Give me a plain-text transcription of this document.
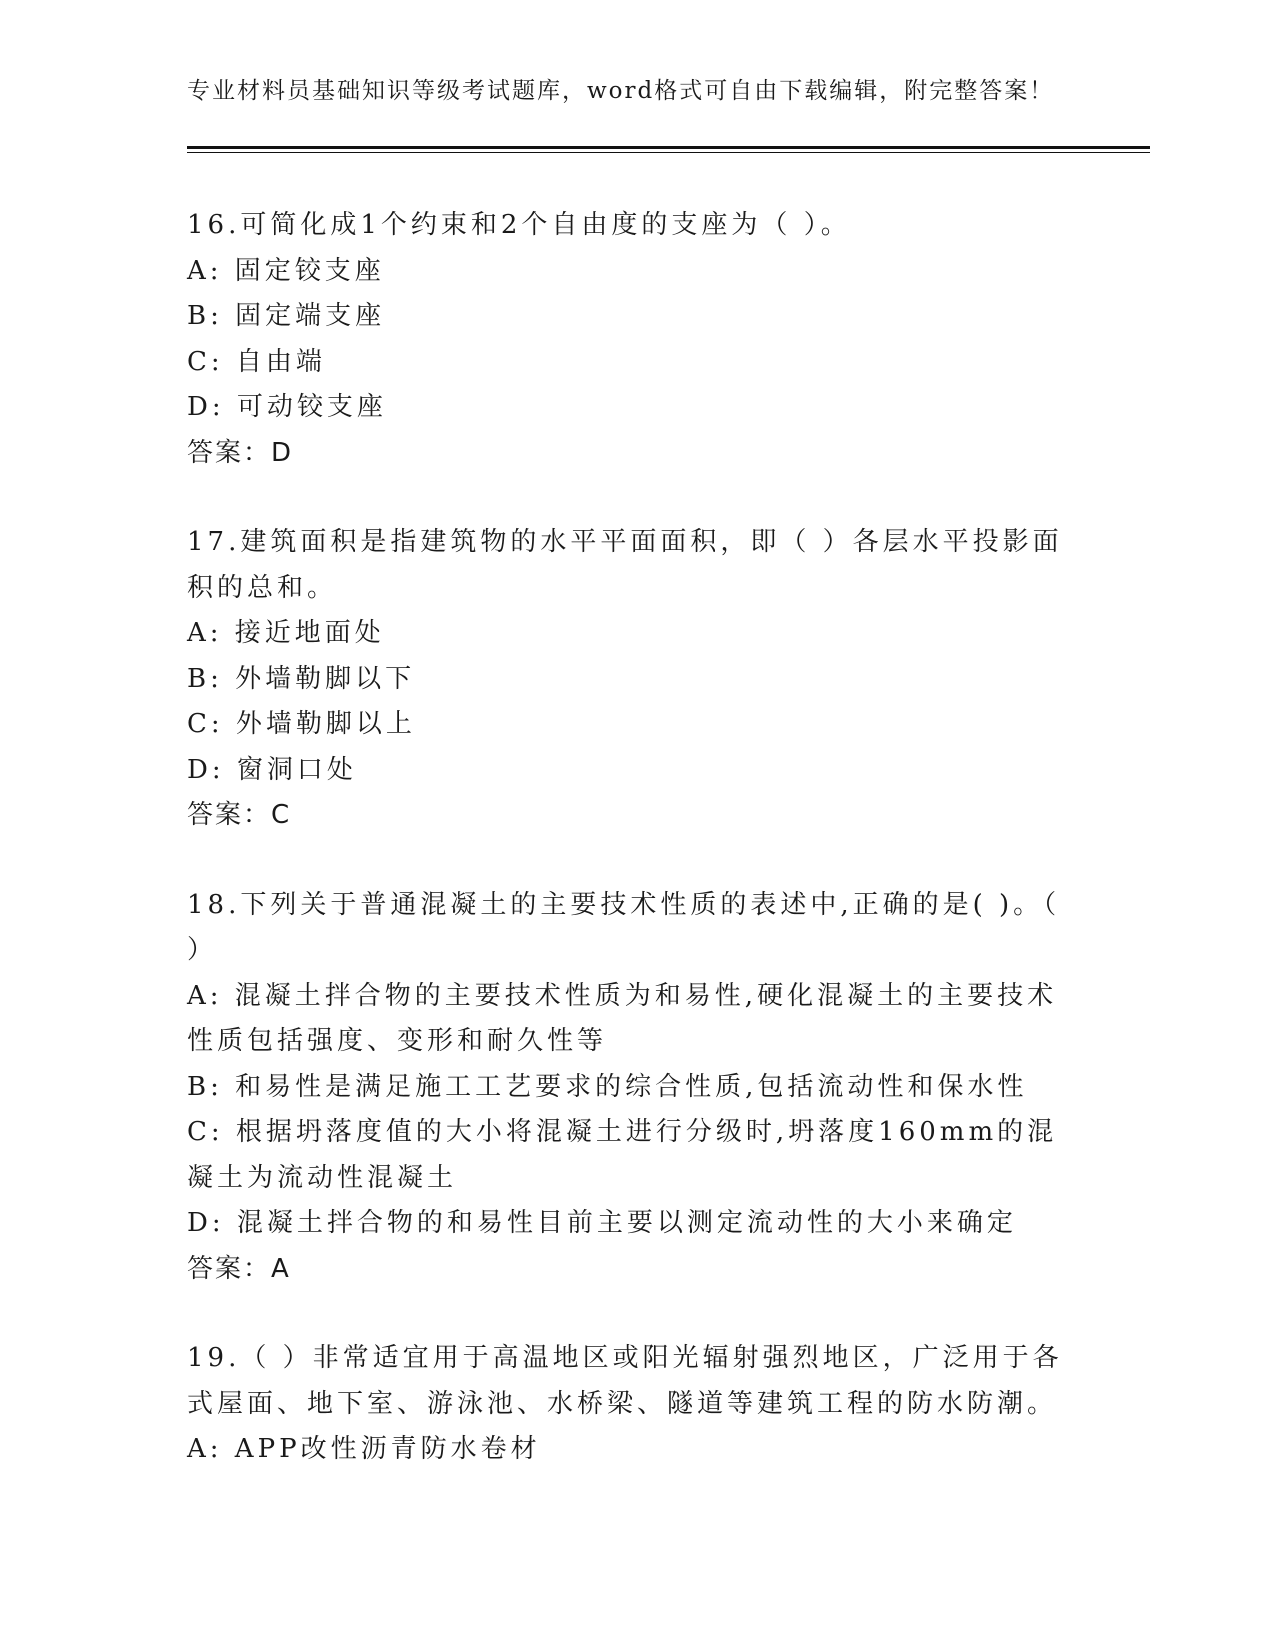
专业材料员基础知识等级考试题库，word格式可自由下载编辑，附完整答案！
16.可简化成1个约束和2个自由度的支座为（ ）。
A: 固定铰支座
B: 固定端支座
C: 自由端
D: 可动铰支座
答案：D
17.建筑面积是指建筑物的水平平面面积，即（ ）各层水平投影面积的总和。
A: 接近地面处
B: 外墙勒脚以下
C: 外墙勒脚以上
D: 窗洞口处
答案：C
18.下列关于普通混凝土的主要技术性质的表述中,正确的是( )。（ ）
A: 混凝土拌合物的主要技术性质为和易性,硬化混凝土的主要技术性质包括强度、变形和耐久性等
B: 和易性是满足施工工艺要求的综合性质,包括流动性和保水性
C: 根据坍落度值的大小将混凝土进行分级时,坍落度160mm的混凝土为流动性混凝土
D: 混凝土拌合物的和易性目前主要以测定流动性的大小来确定
答案：A
19.（ ）非常适宜用于高温地区或阳光辐射强烈地区，广泛用于各式屋面、地下室、游泳池、水桥梁、隧道等建筑工程的防水防潮。
A: APP改性沥青防水卷材
